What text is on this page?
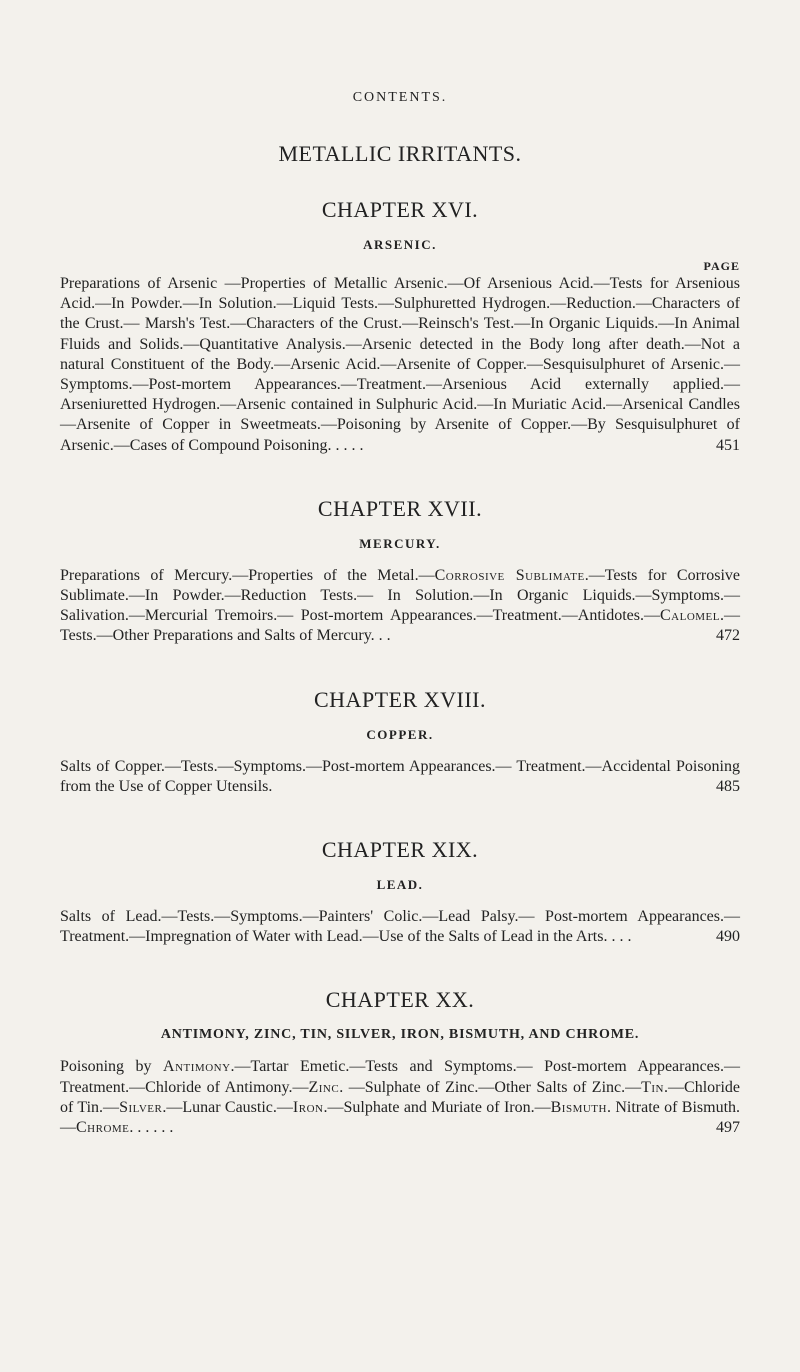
CONTENTS.
METALLIC IRRITANTS.
CHAPTER XVI.
ARSENIC.
PAGE

Preparations of Arsenic —Properties of Metallic Arsenic.—Of Arsenious Acid.—Tests for Arsenious Acid.—In Powder.—In Solution.—Liquid Tests.—Sulphuretted Hydrogen.—Reduction.—Characters of the Crust.— Marsh's Test.—Characters of the Crust.—Reinsch's Test.—In Organic Liquids.—In Animal Fluids and Solids.—Quantitative Analysis.—Arsenic detected in the Body long after death.—Not a natural Constituent of the Body.—Arsenic Acid.—Arsenite of Copper.—Sesquisulphuret of Arsenic.— Symptoms.—Post-mortem Appearances.—Treatment.—Arsenious Acid externally applied.—Arseniuretted Hydrogen.—Arsenic contained in Sulphuric Acid.—In Muriatic Acid.—Arsenical Candles —Arsenite of Copper in Sweetmeats.—Poisoning by Arsenite of Copper.—By Sesquisulphuret of Arsenic.—Cases of Compound Poisoning. . . . .	451

CHAPTER XVII.
MERCURY.

Preparations of Mercury.—Properties of the Metal.—Corrosive Sublimate.—Tests for Corrosive Sublimate.—In Powder.—Reduction Tests.— In Solution.—In Organic Liquids.—Symptoms.—Salivation.—Mercurial Tremoirs.— Post-mortem Appearances.—Treatment.—Antidotes.—Calomel.—Tests.—Other Preparations and Salts of Mercury. . .	472

CHAPTER XVIII.
COPPER.

Salts of Copper.—Tests.—Symptoms.—Post-mortem Appearances.— Treatment.—Accidental Poisoning from the Use of Copper Utensils.	485

CHAPTER XIX.
LEAD.

Salts of Lead.—Tests.—Symptoms.—Painters' Colic.—Lead Palsy.— Post-mortem Appearances.—Treatment.—Impregnation of Water with Lead.—Use of the Salts of Lead in the Arts. . . .	490

CHAPTER XX.
ANTIMONY, ZINC, TIN, SILVER, IRON, BISMUTH, AND CHROME.

Poisoning by Antimony.—Tartar Emetic.—Tests and Symptoms.— Post-mortem Appearances.—Treatment.—Chloride of Antimony.—Zinc. —Sulphate of Zinc.—Other Salts of Zinc.—Tin.—Chloride of Tin.—Silver.—Lunar Caustic.—Iron.—Sulphate and Muriate of Iron.—Bismuth. Nitrate of Bismuth.—Chrome. . . . . .	497
